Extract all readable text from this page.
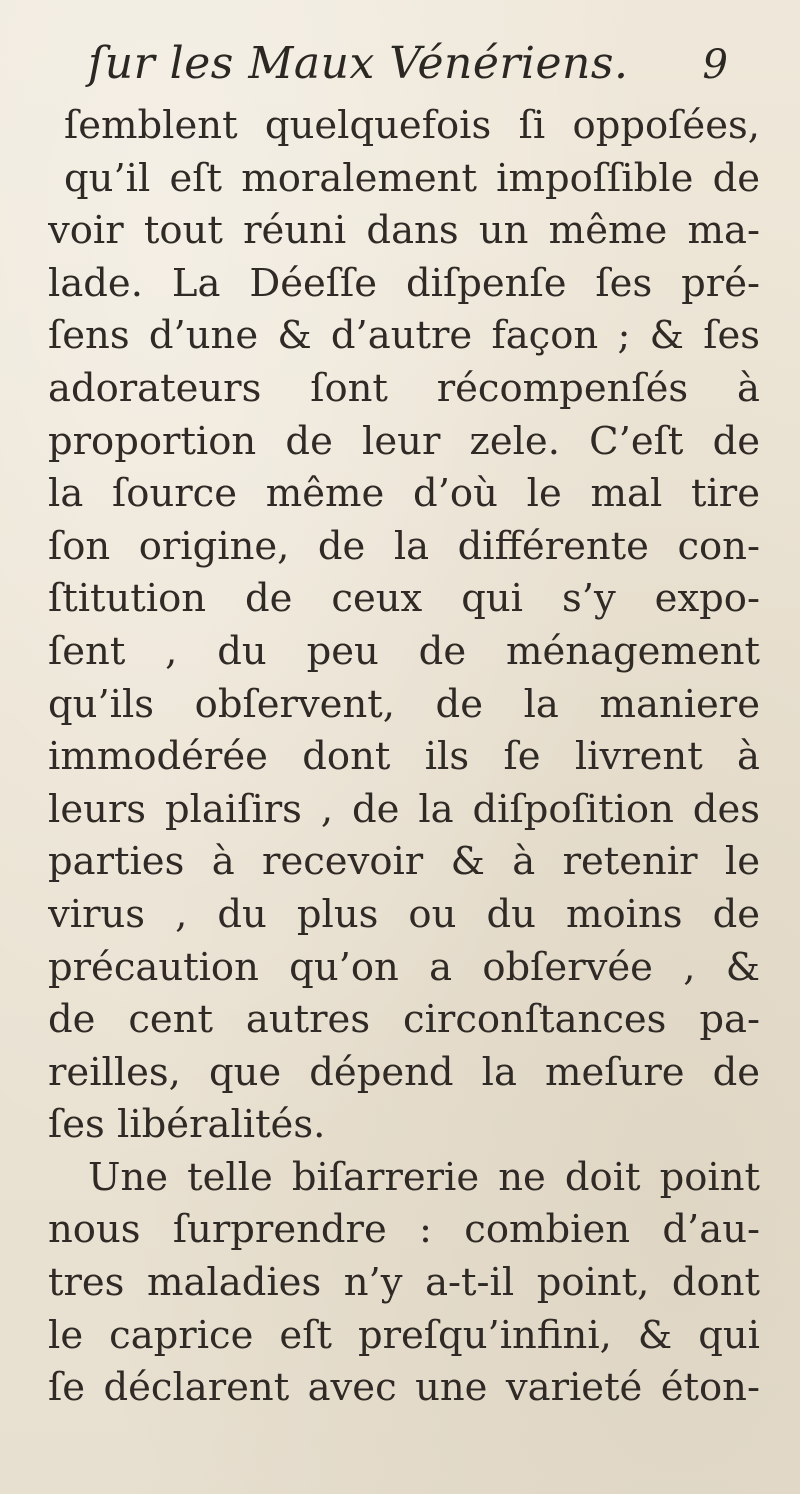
ſur les Maux Vénériens. 9
ſemblent quelquefois ſi oppoſées,
qu’il eſt moralement impoſſible de
voir tout réuni dans un même ma-
lade. La Déeſſe diſpenſe ſes pré-
ſens d’une & d’autre façon ; & ſes
adorateurs ſont récompenſés à
proportion de leur zele. C’eſt de
la ſource même d’où le mal tire
ſon origine, de la différente con-
ſtitution de ceux qui s’y expo-
ſent , du peu de ménagement
qu’ils obſervent, de la maniere
immodérée dont ils ſe livrent à
leurs plaiſirs , de la diſpoſition des
parties à recevoir & à retenir le
virus , du plus ou du moins de
précaution qu’on a obſervée , &
de cent autres circonſtances pa-
reilles, que dépend la meſure de
ſes libéralités.
Une telle biſarrerie ne doit point
nous ſurprendre : combien d’au-
tres maladies n’y a-t-il point, dont
le caprice eſt preſqu’infini, & qui
ſe déclarent avec une varieté éton-
